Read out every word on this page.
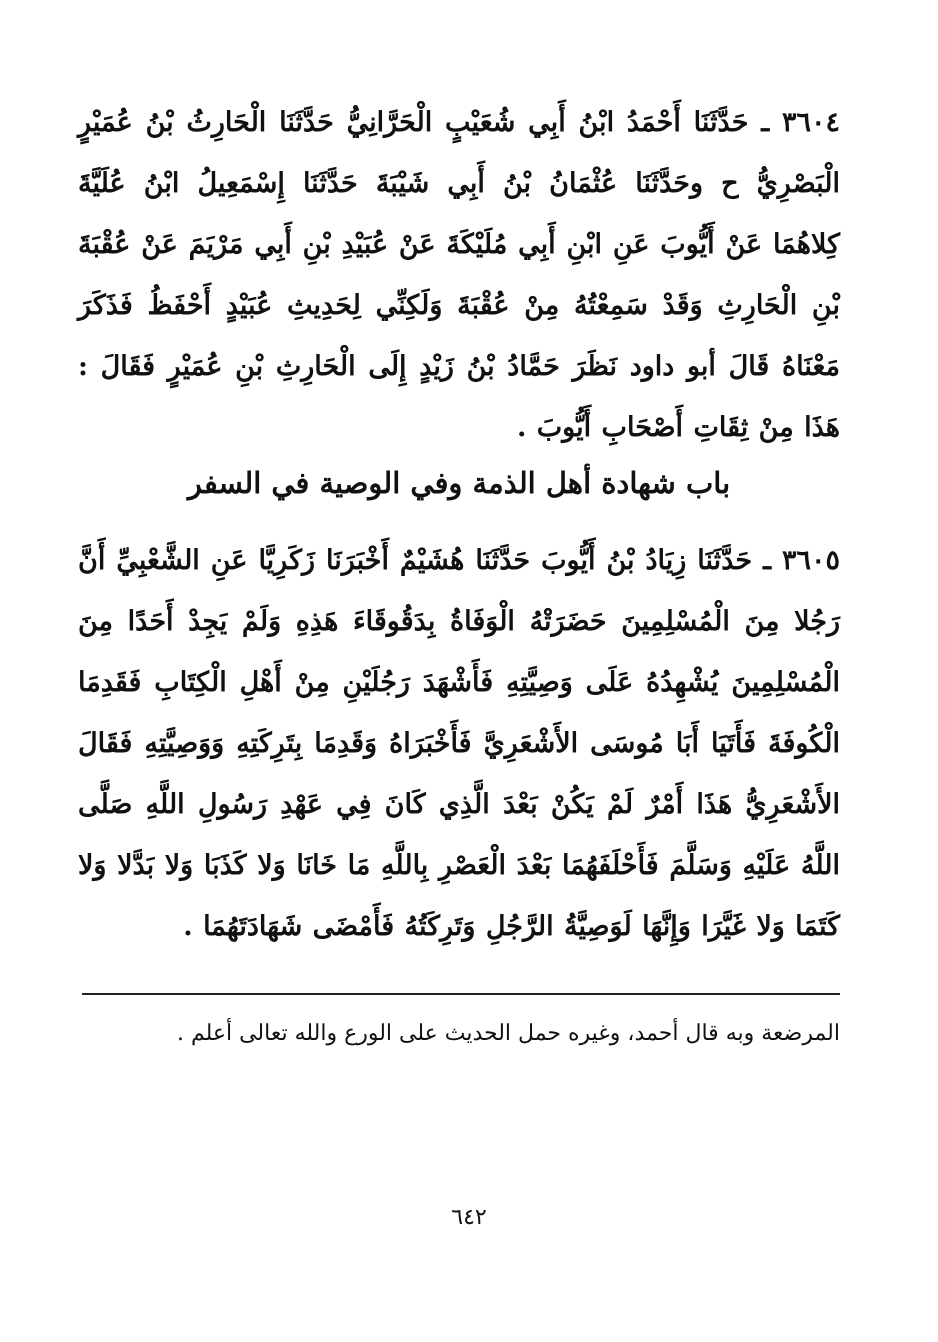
٣٦٠٤ ـ حَدَّثَنَا أَحْمَدُ ابْنُ أَبِي شُعَيْبٍ الْحَرَّانِيُّ حَدَّثَنَا الْحَارِثُ بْنُ عُمَيْرٍ الْبَصْرِيُّ ح وحَدَّثَنَا عُثْمَانُ بْنُ أَبِي شَيْبَةَ حَدَّثَنَا إِسْمَعِيلُ ابْنُ عُلَيَّةَ كِلاهُمَا عَنْ أَيُّوبَ عَنِ ابْنِ أَبِي مُلَيْكَةَ عَنْ عُبَيْدِ بْنِ أَبِي مَرْيَمَ عَنْ عُقْبَةَ بْنِ الْحَارِثِ وَقَدْ سَمِعْتُهُ مِنْ عُقْبَةَ وَلَكِنِّي لِحَدِيثِ عُبَيْدٍ أَحْفَظُ فَذَكَرَ مَعْنَاهُ قَالَ أبو داود نَظَرَ حَمَّادُ بْنُ زَيْدٍ إِلَى الْحَارِثِ بْنِ عُمَيْرٍ فَقَالَ : هَذَا مِنْ ثِقَاتِ أَصْحَابِ أَيُّوبَ .
باب شهادة أهل الذمة وفي الوصية في السفر
٣٦٠٥ ـ حَدَّثَنَا زِيَادُ بْنُ أَيُّوبَ حَدَّثَنَا هُشَيْمٌ أَخْبَرَنَا زَكَرِيَّا عَنِ الشَّعْبِيِّ أَنَّ رَجُلا مِنَ الْمُسْلِمِينَ حَضَرَتْهُ الْوَفَاةُ بِدَقُوقَاءَ هَذِهِ وَلَمْ يَجِدْ أَحَدًا مِنَ الْمُسْلِمِينَ يُشْهِدُهُ عَلَى وَصِيَّتِهِ فَأَشْهَدَ رَجُلَيْنِ مِنْ أَهْلِ الْكِتَابِ فَقَدِمَا الْكُوفَةَ فَأَتَيَا أَبَا مُوسَى الأَشْعَرِيَّ فَأَخْبَرَاهُ وَقَدِمَا بِتَرِكَتِهِ وَوَصِيَّتِهِ فَقَالَ الأَشْعَرِيُّ هَذَا أَمْرٌ لَمْ يَكُنْ بَعْدَ الَّذِي كَانَ فِي عَهْدِ رَسُولِ اللَّهِ صَلَّى اللَّهُ عَلَيْهِ وَسَلَّمَ فَأَحْلَفَهُمَا بَعْدَ الْعَصْرِ بِاللَّهِ مَا خَانَا وَلا كَذَبَا وَلا بَدَّلا وَلا كَتَمَا وَلا غَيَّرَا وَإِنَّهَا لَوَصِيَّةُ الرَّجُلِ وَتَرِكَتُهُ فَأَمْضَى شَهَادَتَهُمَا .
المرضعة وبه قال أحمد، وغيره حمل الحديث على الورع والله تعالى أعلم .
٦٤٢
